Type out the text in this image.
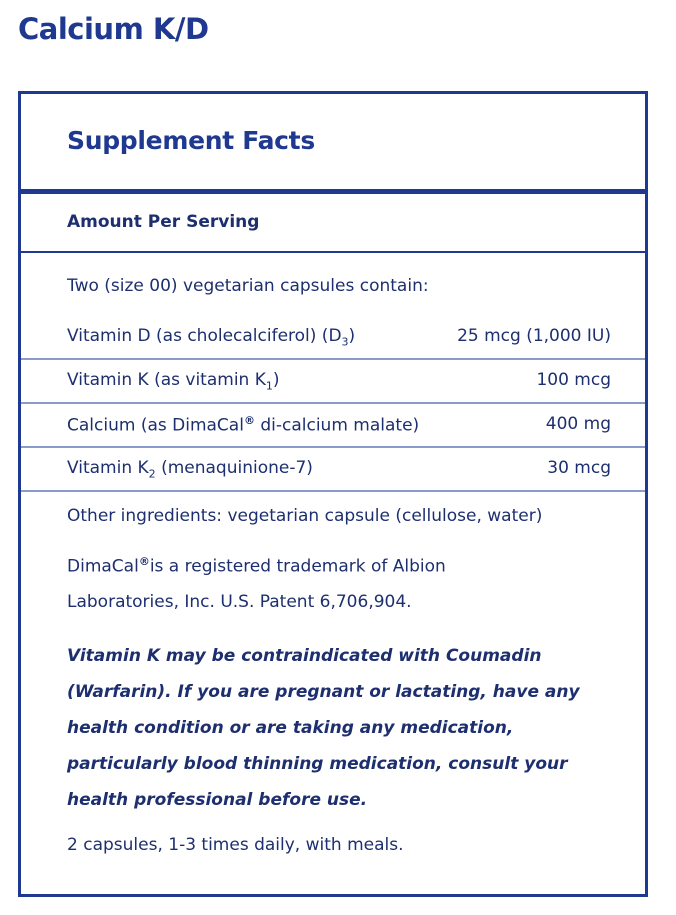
Calcium K/D
Supplement Facts
Amount Per Serving
Two (size 00) vegetarian capsules contain:
Vitamin D (as cholecalciferol) $(D_3)$	25 mcg (1,000 IU)
Vitamin K (as vitamin $K_1$)	100 mcg
Calcium (as DimaCal® di-calcium malate)	400 mg
Vitamin $K_2$ (menaquinione-7)	30 mcg
Other ingredients: vegetarian capsule (cellulose, water)
DimaCal®is a registered trademark of Albion
Laboratories, Inc. U.S. Patent 6,706,904.
Vitamin K may be contraindicated with Coumadin (Warfarin). If you are pregnant or lactating, have any health condition or are taking any medication, particularly blood thinning medication, consult your health professional before use.
2 capsules, 1-3 times daily, with meals.
